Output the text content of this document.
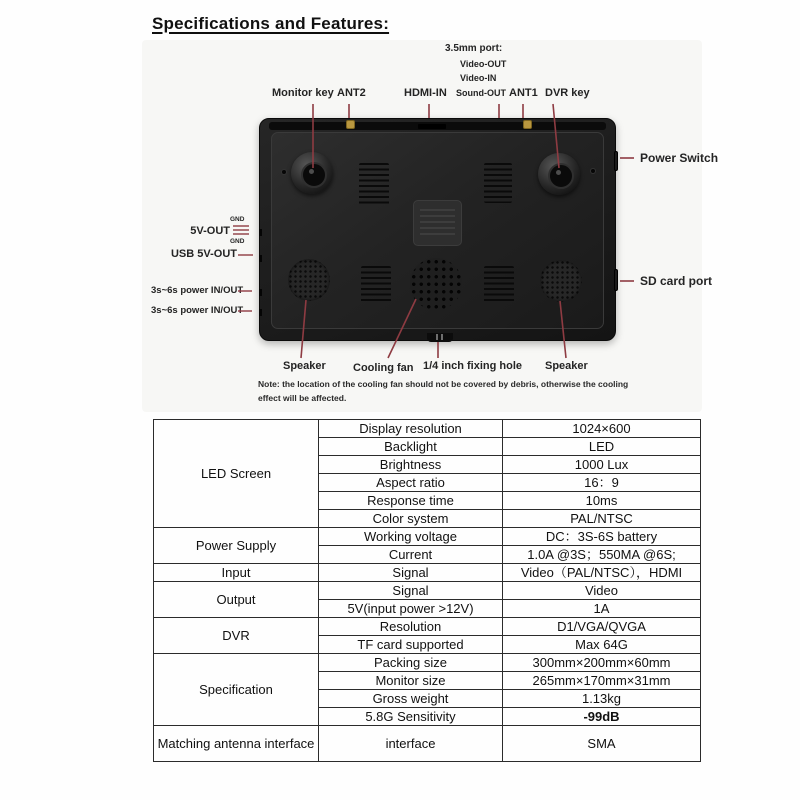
Specifications and Features:
3.5mm port:
Video-OUT
Video-IN
Monitor key ANT2	HDMI-IN Sound-OUT ANT1 DVR key
Power Switch
SD card port
GND
5V-OUT
GND
USB 5V-OUT
3s~6s power IN/OUT
3s~6s power IN/OUT
Speaker Cooling fan 1/4 inch fixing hole Speaker
Note: the location of the cooling fan should not be covered by debris, otherwise the cooling
effect will be affected.
LED Screen	Display resolution	1024×600
	Backlight	LED
	Brightness	1000 Lux
	Aspect ratio	16：9
	Response time	10ms
	Color system	PAL/NTSC
Power Supply	Working voltage	DC：3S-6S battery
	Current	1.0A @3S；550MA @6S;
Input	Signal	Video（PAL/NTSC），HDMI
Output	Signal	Video
	5V(input power >12V)	1A
DVR	Resolution	D1/VGA/QVGA
	TF card supported	Max 64G
Specification	Packing size	300mm×200mm×60mm
	Monitor size	265mm×170mm×31mm
	Gross weight	1.13kg
	5.8G Sensitivity	-99dB
Matching antenna interface	interface	SMA
